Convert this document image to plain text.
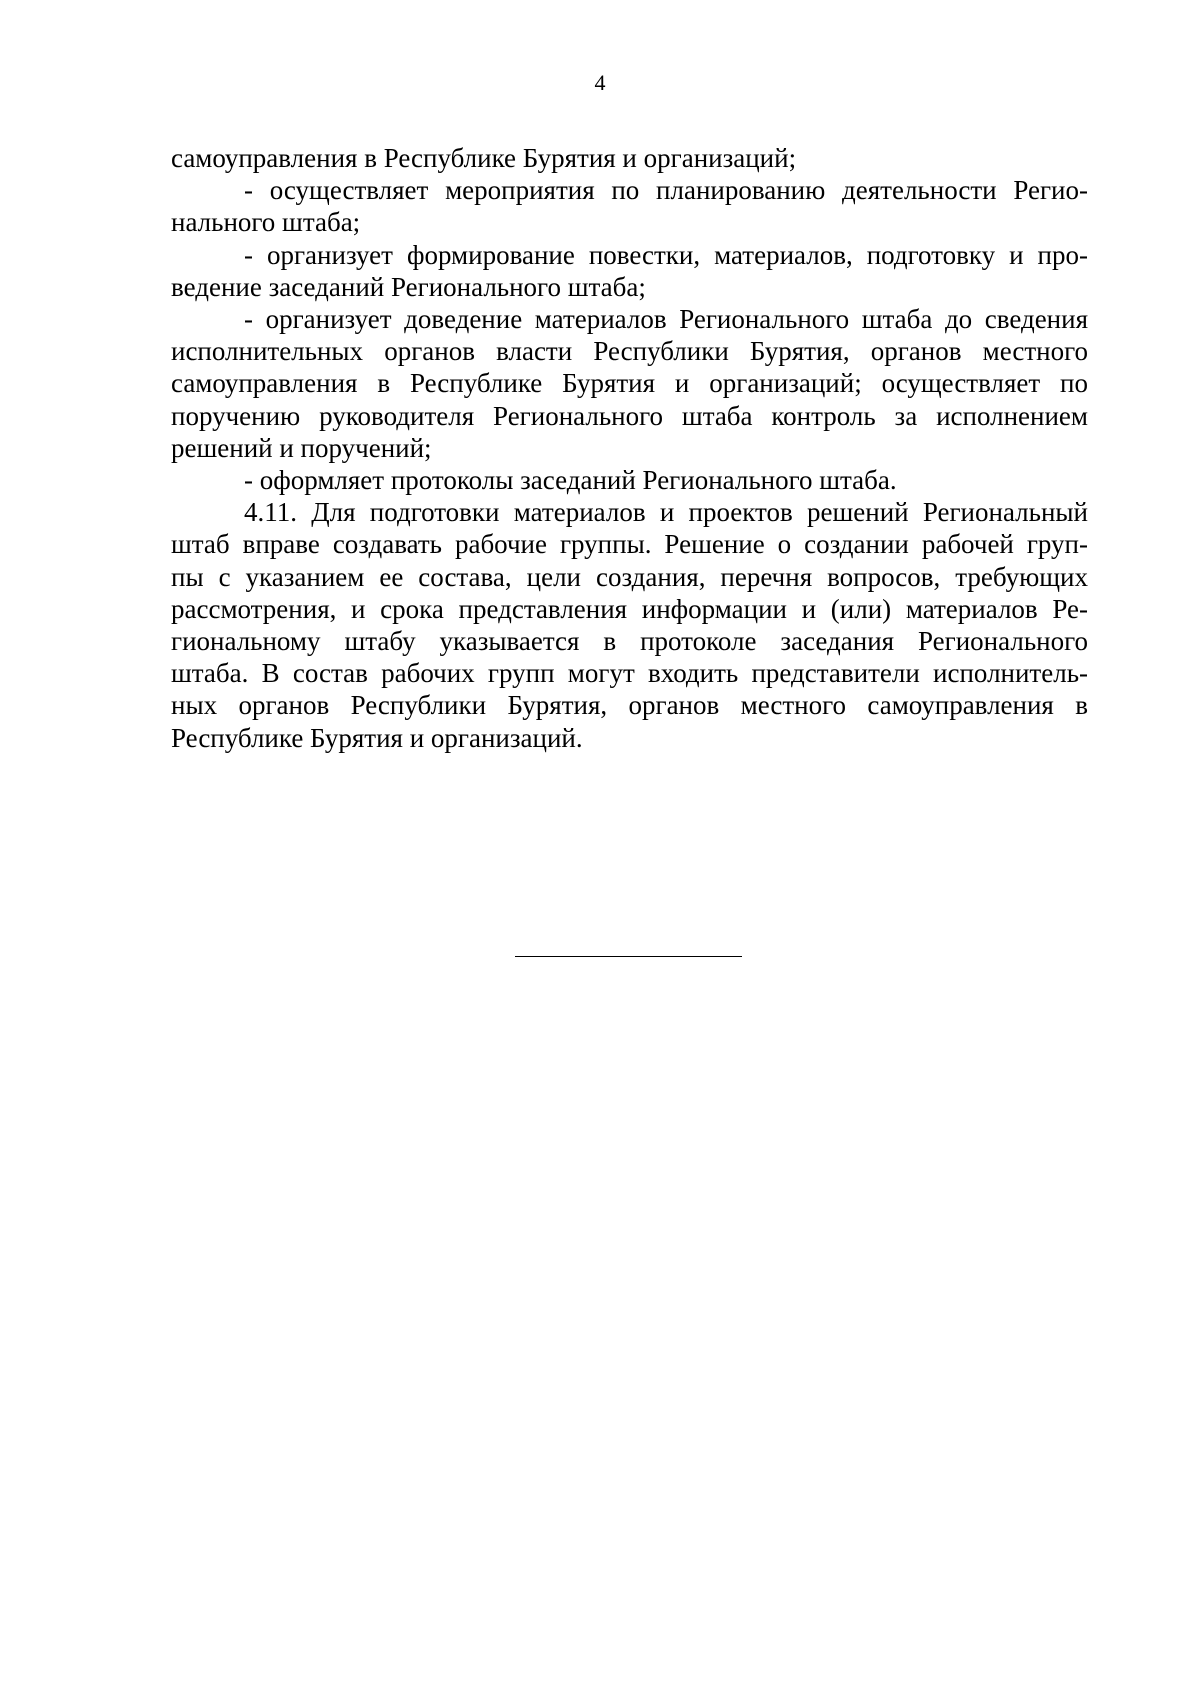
4
самоуправления в Республике Бурятия и организаций;
- осуществляет мероприятия по планированию деятельности Регио-
нального штаба;
- организует формирование повестки, материалов, подготовку и про-
ведение заседаний Регионального штаба;
- организует доведение материалов Регионального штаба до сведения
исполнительных органов власти Республики Бурятия, органов местного
самоуправления в Республике Бурятия и организаций; осуществляет по
поручению руководителя Регионального штаба контроль за исполнением
решений и поручений;
- оформляет протоколы заседаний Регионального штаба.
4.11. Для подготовки материалов и проектов решений Региональный
штаб вправе создавать рабочие группы. Решение о создании рабочей груп-
пы с указанием ее состава, цели создания, перечня вопросов, требующих
рассмотрения, и срока представления информации и (или) материалов Ре-
гиональному штабу указывается в протоколе заседания Регионального
штаба. В состав рабочих групп могут входить представители исполнитель-
ных органов Республики Бурятия, органов местного самоуправления в
Республике Бурятия и организаций.
